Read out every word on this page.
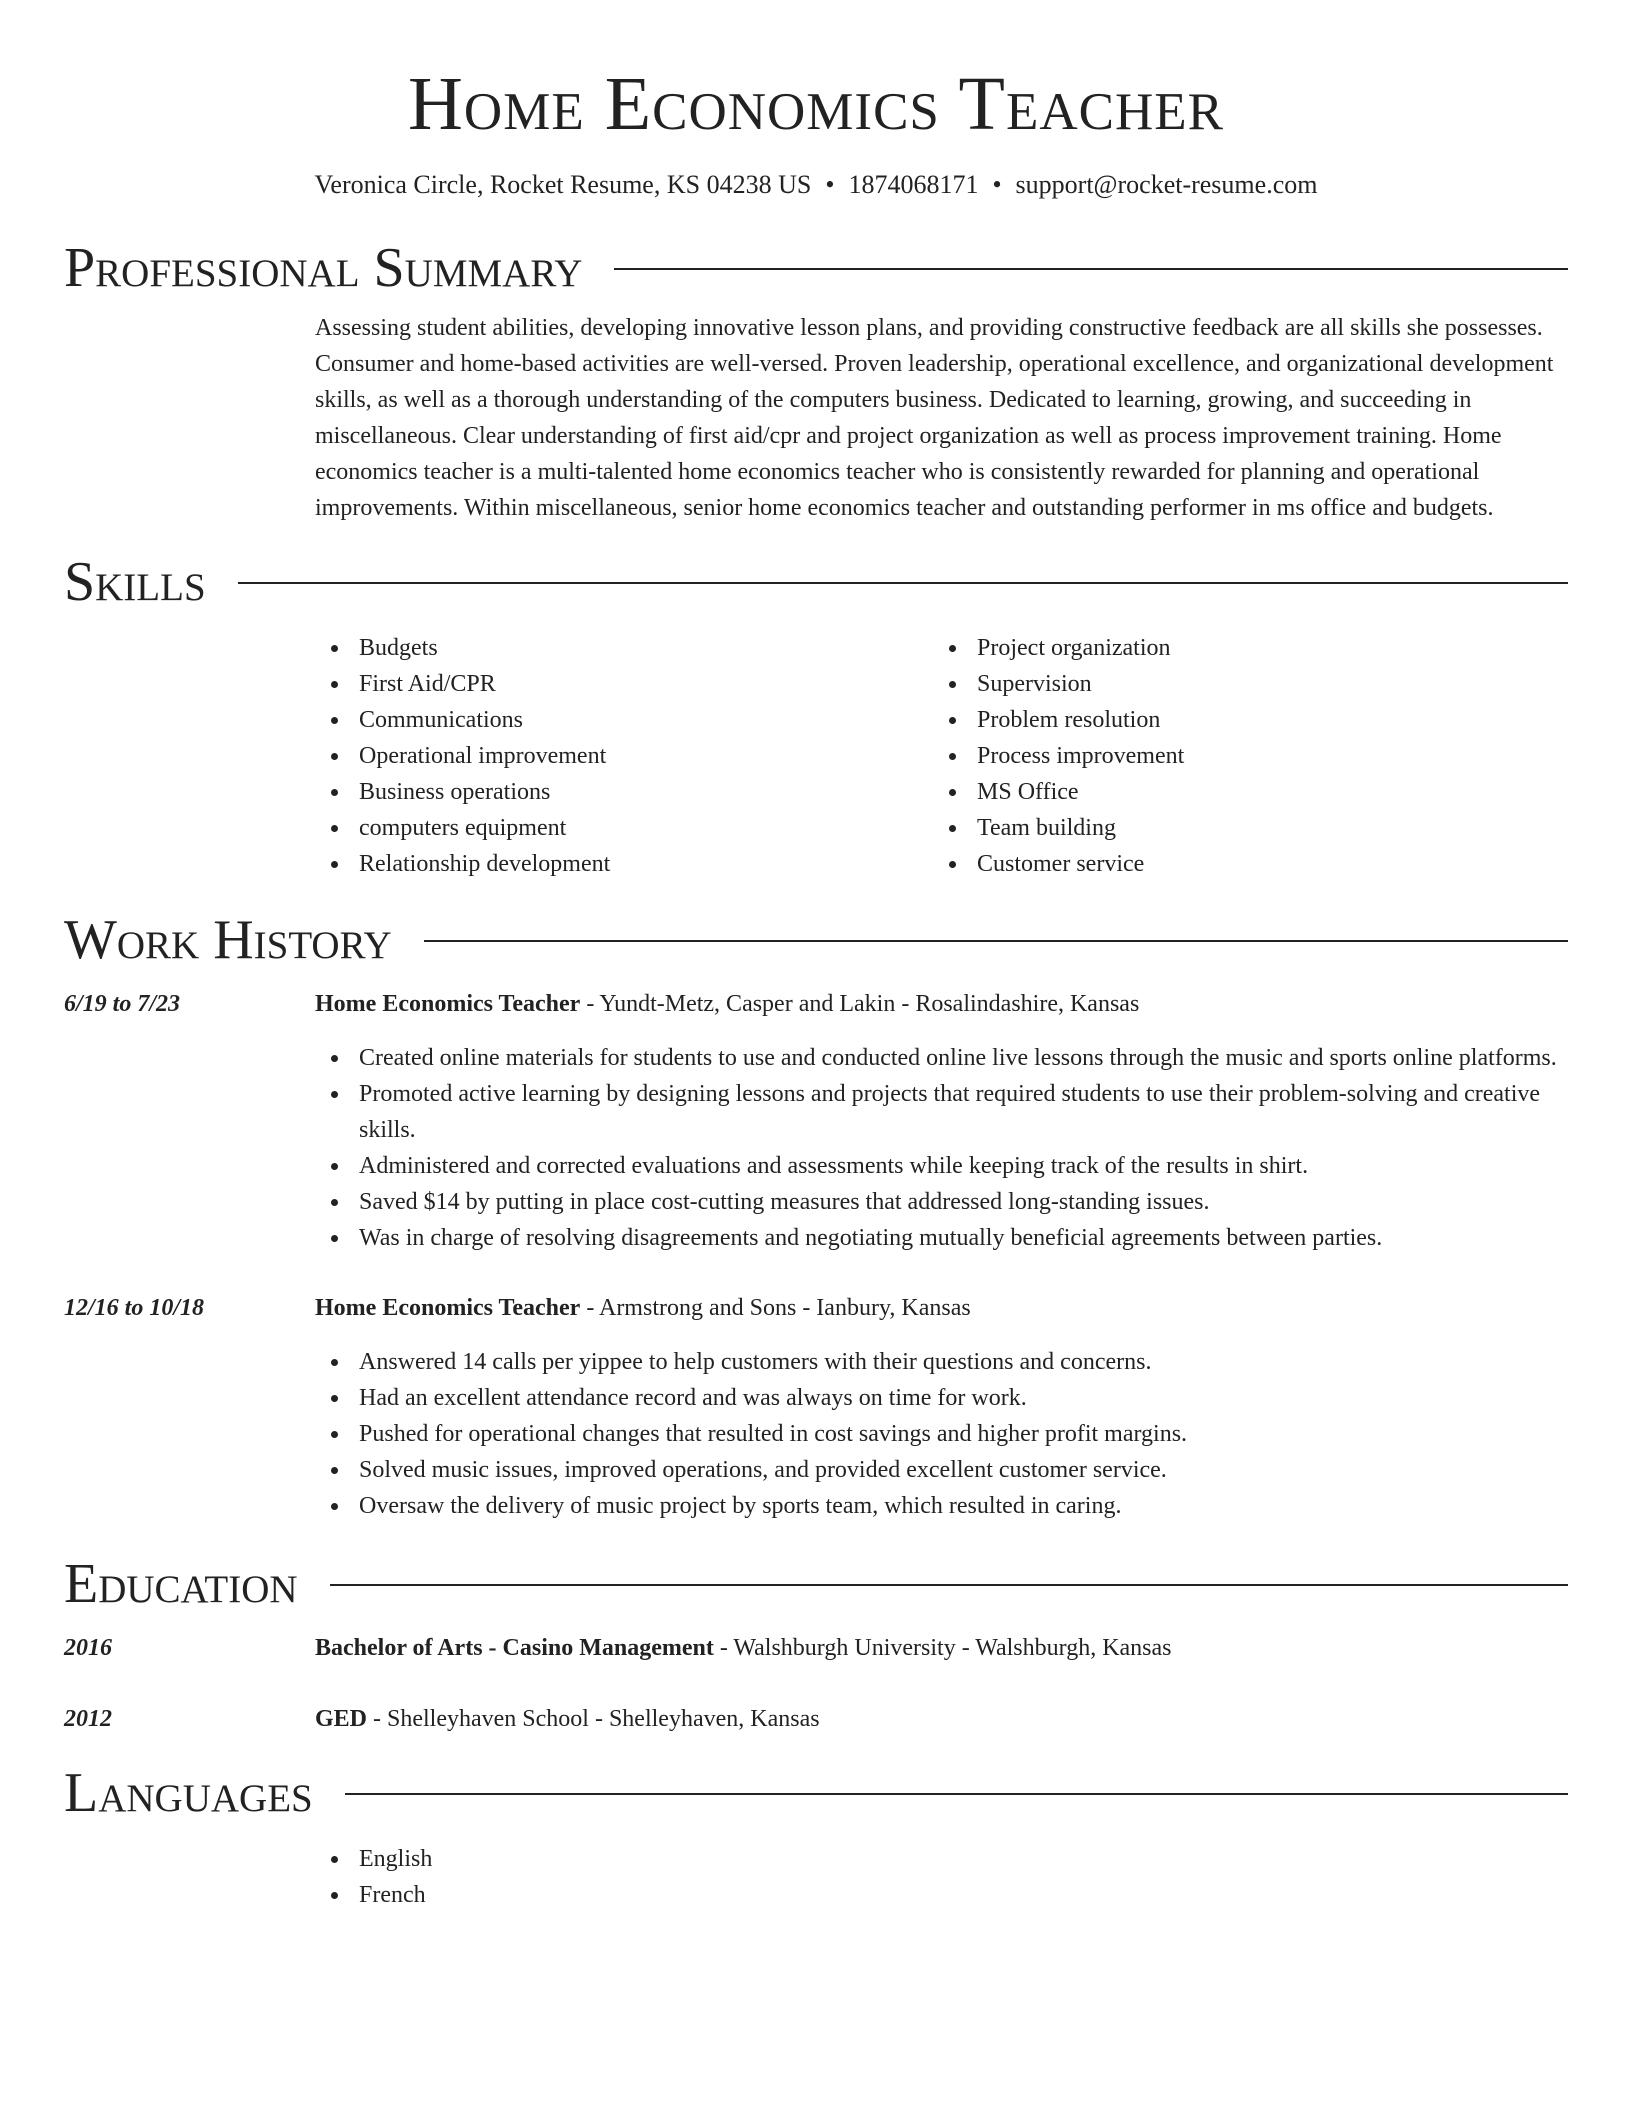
Home Economics Teacher
Veronica Circle, Rocket Resume, KS 04238 US • 1874068171 • support@rocket-resume.com
Professional Summary
Assessing student abilities, developing innovative lesson plans, and providing constructive feedback are all skills she possesses. Consumer and home-based activities are well-versed. Proven leadership, operational excellence, and organizational development skills, as well as a thorough understanding of the computers business. Dedicated to learning, growing, and succeeding in miscellaneous. Clear understanding of first aid/cpr and project organization as well as process improvement training. Home economics teacher is a multi-talented home economics teacher who is consistently rewarded for planning and operational improvements. Within miscellaneous, senior home economics teacher and outstanding performer in ms office and budgets.
Skills
Budgets
First Aid/CPR
Communications
Operational improvement
Business operations
computers equipment
Relationship development
Project organization
Supervision
Problem resolution
Process improvement
MS Office
Team building
Customer service
Work History
6/19 to 7/23	Home Economics Teacher - Yundt-Metz, Casper and Lakin - Rosalindashire, Kansas
Created online materials for students to use and conducted online live lessons through the music and sports online platforms.
Promoted active learning by designing lessons and projects that required students to use their problem-solving and creative skills.
Administered and corrected evaluations and assessments while keeping track of the results in shirt.
Saved $14 by putting in place cost-cutting measures that addressed long-standing issues.
Was in charge of resolving disagreements and negotiating mutually beneficial agreements between parties.
12/16 to 10/18	Home Economics Teacher - Armstrong and Sons - Ianbury, Kansas
Answered 14 calls per yippee to help customers with their questions and concerns.
Had an excellent attendance record and was always on time for work.
Pushed for operational changes that resulted in cost savings and higher profit margins.
Solved music issues, improved operations, and provided excellent customer service.
Oversaw the delivery of music project by sports team, which resulted in caring.
Education
2016	Bachelor of Arts - Casino Management - Walshburgh University - Walshburgh, Kansas
2012	GED - Shelleyhaven School - Shelleyhaven, Kansas
Languages
English
French
